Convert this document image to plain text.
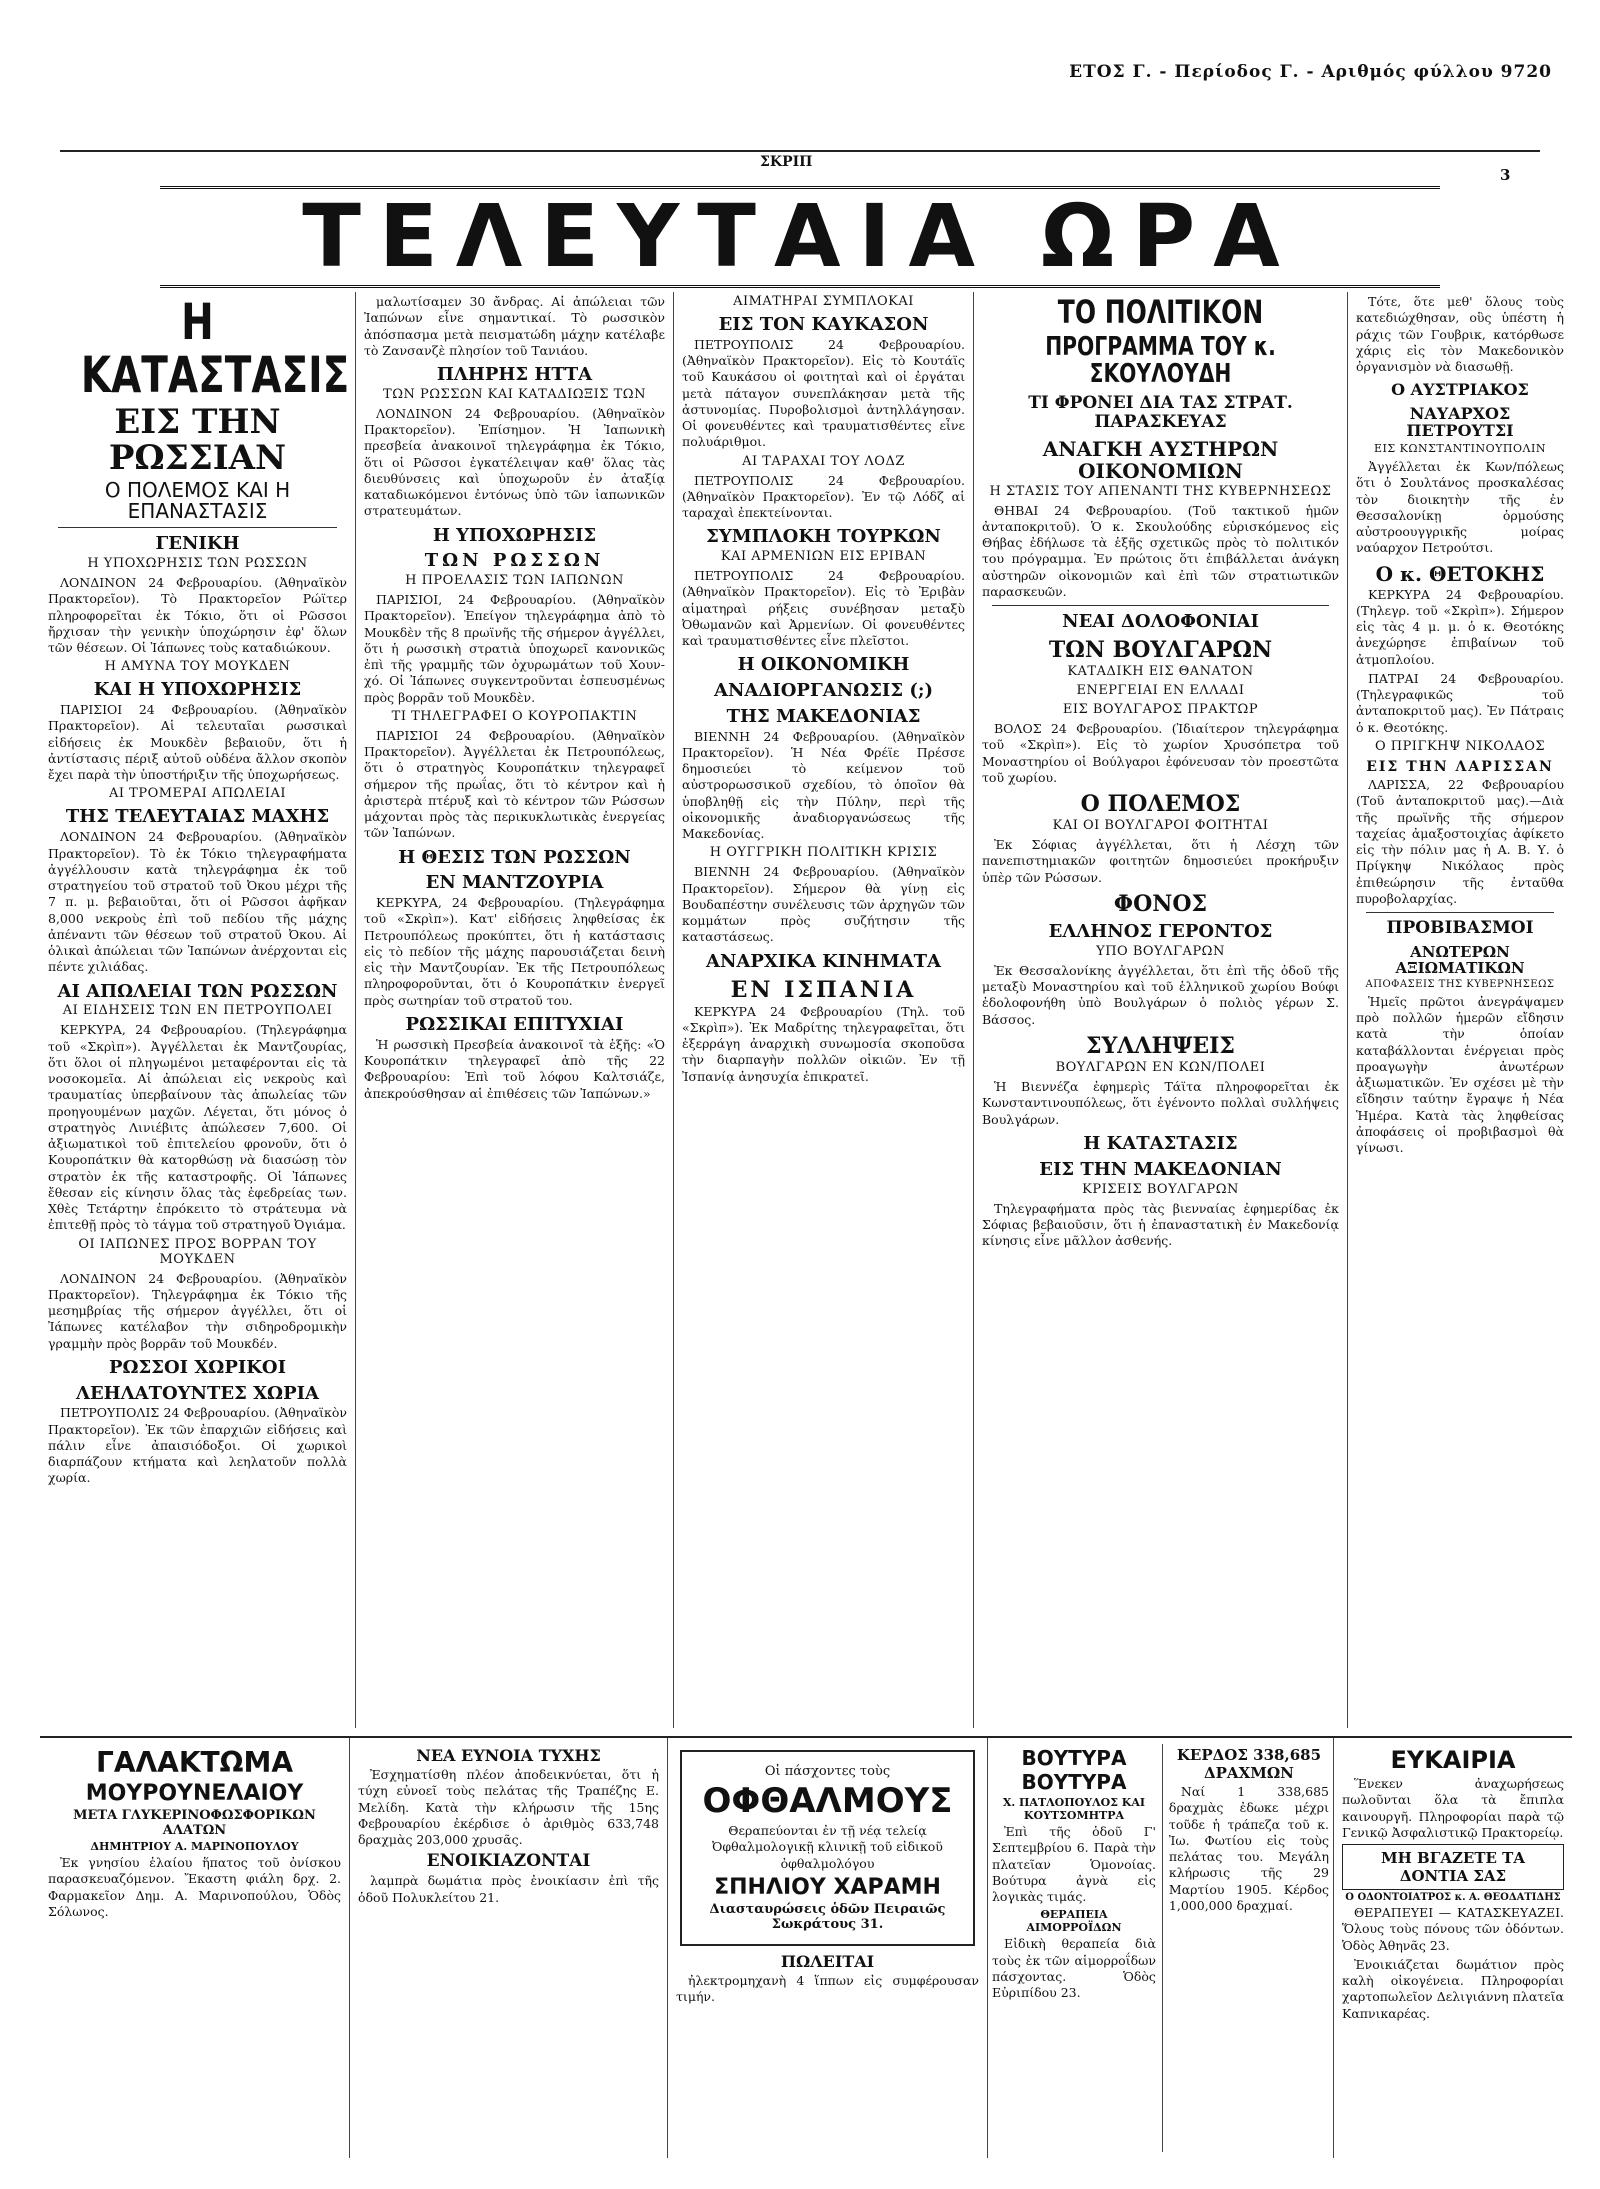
ΕΤΟΣ Γ. - Περίοδος Γ. - Αριθμός φύλλου 9720
ΣΚΡΙΠ
3
ΤΕΛΕΥΤΑΙΑ ΩΡΑ
Η ΚΑΤΑΣΤΑΣΙΣ
ΕΙΣ ΤΗΝ ΡΩΣΣΙΑΝ
Ο ΠΟΛΕΜΟΣ ΚΑΙ Η ΕΠΑΝΑΣΤΑΣΙΣ
ΓΕΝΙΚΗ
Η ΥΠΟΧΩΡΗΣΙΣ ΤΩΝ ΡΩΣΣΩΝ

ΛΟΝΔΙΝΟΝ 24 Φεβρουαρίου. (Ἀθηναϊκὸν Πρακτορεῖον). Τὸ Πρακτορεῖον Ρώϊτερ πληροφορεῖται ἐκ Τόκιο, ὅτι οἱ Ρῶσσοι ἤρχισαν τὴν γενικὴν ὑποχώρησιν ἐφ' ὅλων τῶν θέσεων. Οἱ Ἰάπωνες τοὺς καταδιώκουν.

Η ΑΜΥΝΑ ΤΟΥ ΜΟΥΚΔΕΝ
ΚΑΙ Η ΥΠΟΧΩΡΗΣΙΣ

ΠΑΡΙΣΙΟΙ 24 Φεβρουαρίου. (Ἀθηναϊκὸν Πρακτορεῖον). Αἱ τελευταῖαι ρωσσικαὶ εἰδήσεις ἐκ Μουκδὲν βεβαιοῦν, ὅτι ἡ ἀντίστασις πέριξ αὐτοῦ οὐδένα ἄλλον σκοπὸν ἔχει παρὰ τὴν ὑποστήριξιν τῆς ὑποχωρήσεως.

ΑΙ ΤΡΟΜΕΡΑΙ ΑΠΩΛΕΙΑΙ
ΤΗΣ ΤΕΛΕΥΤΑΙΑΣ ΜΑΧΗΣ

ΛΟΝΔΙΝΟΝ 24 Φεβρουαρίου. (Ἀθηναϊκὸν Πρακτορεῖον). Τὸ ἐκ Τόκιο τηλεγραφήματα ἀγγέλλουσιν κατὰ τηλεγράφημα ἐκ τοῦ στρατηγείου τοῦ στρατοῦ τοῦ Ὀκου μέχρι τῆς 7 π. μ. βεβαιοῦται, ὅτι οἱ Ρῶσσοι ἀφῆκαν 8,000 νεκροὺς ἐπὶ τοῦ πεδίου τῆς μάχης ἀπέναντι τῶν θέσεων τοῦ στρατοῦ Ὀκου. Αἱ ὁλικαὶ ἀπώλειαι τῶν Ἰαπώνων ἀνέρχονται εἰς πέντε χιλιάδας.

ΑΙ ΑΠΩΛΕΙΑΙ ΤΩΝ ΡΩΣΣΩΝ
ΑΙ ΕΙΔΗΣΕΙΣ ΤΩΝ ΕΝ ΠΕΤΡΟΥΠΟΛΕΙ

ΚΕΡΚΥΡΑ, 24 Φεβρουαρίου. (Τηλεγράφημα τοῦ «Σκρὶπ»). Ἀγγέλλεται ἐκ Μαντζουρίας, ὅτι ὅλοι οἱ πληγωμένοι μεταφέρονται εἰς τὰ νοσοκομεῖα. Αἱ ἀπώλειαι εἰς νεκροὺς καὶ τραυματίας ὑπερβαίνουν τὰς ἀπωλείας τῶν προηγουμένων μαχῶν. Λέγεται, ὅτι μόνος ὁ στρατηγὸς Λινιέβιτς ἀπώλεσεν 7,600. Οἱ ἀξιωματικοὶ τοῦ ἐπιτελείου φρονοῦν, ὅτι ὁ Κουροπάτκιν θὰ κατορθώσῃ νὰ διασώσῃ τὸν στρατὸν ἐκ τῆς καταστροφῆς. Οἱ Ἰάπωνες ἔθεσαν εἰς κίνησιν ὅλας τὰς ἐφεδρείας των. Χθὲς Τετάρτην ἐπρόκειτο τὸ στράτευμα νὰ ἐπιτεθῇ πρὸς τὸ τάγμα τοῦ στρατηγοῦ Ὀγιάμα.

ΟΙ ΙΑΠΩΝΕΣ ΠΡΟΣ ΒΟΡΡΑΝ ΤΟΥ ΜΟΥΚΔΕΝ

ΛΟΝΔΙΝΟΝ 24 Φεβρουαρίου. (Ἀθηναϊκὸν Πρακτορεῖον). Τηλεγράφημα ἐκ Τόκιο τῆς μεσημβρίας τῆς σήμερον ἀγγέλλει, ὅτι οἱ Ἰάπωνες κατέλαβον τὴν σιδηροδρομικὴν γραμμὴν πρὸς βορρᾶν τοῦ Μουκδέν.

ΡΩΣΣΟΙ ΧΩΡΙΚΟΙ
ΛΕΗΛΑΤΟΥΝΤΕΣ ΧΩΡΙΑ

ΠΕΤΡΟΥΠΟΛΙΣ 24 Φεβρουαρίου. (Ἀθηναϊκὸν Πρακτορεῖον). Ἐκ τῶν ἐπαρχιῶν εἰδήσεις καὶ πάλιν εἶνε ἀπαισιόδοξοι. Οἱ χωρικοὶ διαρπάζουν κτήματα καὶ λεηλατοῦν πολλὰ χωρία.

μαλωτίσαμεν 30 ἄνδρας. Αἱ ἀπώλειαι τῶν Ἰαπώνων εἶνε σημαντικαί. Τὸ ρωσσικὸν ἀπόσπασμα μετὰ πεισματώδη μάχην κατέλαβε τὸ Ζανσανζὲ πλησίον τοῦ Τανιάου.

ΠΛΗΡΗΣ ΗΤΤΑ
ΤΩΝ ΡΩΣΣΩΝ ΚΑΙ ΚΑΤΑΔΙΩΞΙΣ ΤΩΝ

ΛΟΝΔΙΝΟΝ 24 Φεβρουαρίου. (Ἀθηναϊκὸν Πρακτορεῖον). Ἐπίσημον. Ἡ Ἰαπωνικὴ πρεσβεία ἀνακοινοῖ τηλεγράφημα ἐκ Τόκιο, ὅτι οἱ Ρῶσσοι ἐγκατέλειψαν καθ' ὅλας τὰς διευθύνσεις καὶ ὑποχωροῦν ἐν ἀταξίᾳ καταδιωκόμενοι ἐντόνως ὑπὸ τῶν ἰαπωνικῶν στρατευμάτων.

Η ΥΠΟΧΩΡΗΣΙΣ
ΤΩΝ ΡΩΣΣΩΝ
Η ΠΡΟΕΛΑΣΙΣ ΤΩΝ ΙΑΠΩΝΩΝ

ΠΑΡΙΣΙΟΙ, 24 Φεβρουαρίου. (Ἀθηναϊκὸν Πρακτορεῖον). Ἐπείγον τηλεγράφημα ἀπὸ τὸ Μουκδὲν τῆς 8 πρωϊνῆς τῆς σήμερον ἀγγέλλει, ὅτι ἡ ρωσσικὴ στρατιὰ ὑποχωρεῖ κανονικῶς ἐπὶ τῆς γραμμῆς τῶν ὀχυρωμάτων τοῦ Χουν-χό. Οἱ Ἰάπωνες συγκεντροῦνται ἐσπευσμένως πρὸς βορρᾶν τοῦ Μουκδὲν.

ΤΙ ΤΗΛΕΓΡΑΦΕΙ Ο ΚΟΥΡΟΠΑΚΤΙΝ

ΠΑΡΙΣΙΟΙ 24 Φεβρουαρίου. (Ἀθηναϊκὸν Πρακτορεῖον). Ἀγγέλλεται ἐκ Πετρουπόλεως, ὅτι ὁ στρατηγὸς Κουροπάτκιν τηλεγραφεῖ σήμερον τῆς πρωΐας, ὅτι τὸ κέντρον καὶ ἡ ἀριστερὰ πτέρυξ καὶ τὸ κέντρον τῶν Ρώσσων μάχονται πρὸς τὰς περικυκλωτικὰς ἐνεργείας τῶν Ἰαπώνων.

Η ΘΕΣΙΣ ΤΩΝ ΡΩΣΣΩΝ
ΕΝ ΜΑΝΤΖΟΥΡΙΑ

ΚΕΡΚΥΡΑ, 24 Φεβρουαρίου. (Τηλεγράφημα τοῦ «Σκρὶπ»). Κατ' εἰδήσεις ληφθείσας ἐκ Πετρουπόλεως προκύπτει, ὅτι ἡ κατάστασις εἰς τὸ πεδίον τῆς μάχης παρουσιάζεται δεινὴ εἰς τὴν Μαντζουρίαν. Ἐκ τῆς Πετρουπόλεως πληροφοροῦνται, ὅτι ὁ Κουροπάτκιν ἐνεργεῖ πρὸς σωτηρίαν τοῦ στρατοῦ του.

ΡΩΣΣΙΚΑΙ ΕΠΙΤΥΧΙΑΙ

Ἡ ρωσσικὴ Πρεσβεία ἀνακοινοῖ τὰ ἑξῆς: «Ὁ Κουροπάτκιν τηλεγραφεῖ ἀπὸ τῆς 22 Φεβρουαρίου: Ἐπὶ τοῦ λόφου Καλτσιάζε, ἀπεκρούσθησαν αἱ ἐπιθέσεις τῶν Ἰαπώνων.»

ΑΙΜΑΤΗΡΑΙ ΣΥΜΠΛΟΚΑΙ
ΕΙΣ ΤΟΝ ΚΑΥΚΑΣΟΝ

ΠΕΤΡΟΥΠΟΛΙΣ 24 Φεβρουαρίου. (Ἀθηναϊκὸν Πρακτορεῖον). Εἰς τὸ Κουτάϊς τοῦ Καυκάσου οἱ φοιτηταὶ καὶ οἱ ἐργάται μετὰ πάταγον συνεπλάκησαν μετὰ τῆς ἀστυνομίας. Πυροβολισμοὶ ἀντηλλάγησαν. Οἱ φονευθέντες καὶ τραυματισθέντες εἶνε πολυάριθμοι.

ΑΙ ΤΑΡΑΧΑΙ ΤΟΥ ΛΟΔΖ

ΠΕΤΡΟΥΠΟΛΙΣ 24 Φεβρουαρίου. (Ἀθηναϊκὸν Πρακτορεῖον). Ἐν τῷ Λόδζ αἱ ταραχαὶ ἐπεκτείνονται.

ΣΥΜΠΛΟΚΗ ΤΟΥΡΚΩΝ
ΚΑΙ ΑΡΜΕΝΙΩΝ ΕΙΣ ΕΡΙΒΑΝ

ΠΕΤΡΟΥΠΟΛΙΣ 24 Φεβρουαρίου. (Ἀθηναϊκὸν Πρακτορεῖον). Εἰς τὸ Ἐριβὰν αἱματηραὶ ρήξεις συνέβησαν μεταξὺ Ὀθωμανῶν καὶ Ἀρμενίων. Οἱ φονευθέντες καὶ τραυματισθέντες εἶνε πλεῖστοι.

Η ΟΙΚΟΝΟΜΙΚΗ
ΑΝΑΔΙΟΡΓΑΝΩΣΙΣ (;)
ΤΗΣ ΜΑΚΕΔΟΝΙΑΣ

ΒΙΕΝΝΗ 24 Φεβρουαρίου. (Ἀθηναϊκὸν Πρακτορεῖον). Ἡ Νέα Φρέϊε Πρέσσε δημοσιεύει τὸ κείμενον τοῦ αὐστρορωσσικοῦ σχεδίου, τὸ ὁποῖον θὰ ὑποβληθῇ εἰς τὴν Πύλην, περὶ τῆς οἰκονομικῆς ἀναδιοργανώσεως τῆς Μακεδονίας.

Η ΟΥΓΓΡΙΚΗ ΠΟΛΙΤΙΚΗ ΚΡΙΣΙΣ

ΒΙΕΝΝΗ 24 Φεβρουαρίου. (Ἀθηναϊκὸν Πρακτορεῖον). Σήμερον θὰ γίνῃ εἰς Βουδαπέστην συνέλευσις τῶν ἀρχηγῶν τῶν κομμάτων πρὸς συζήτησιν τῆς καταστάσεως.

ΑΝΑΡΧΙΚΑ ΚΙΝΗΜΑΤΑ
ΕΝ ΙΣΠΑΝΙΑ

ΚΕΡΚΥΡΑ 24 Φεβρουαρίου (Τηλ. τοῦ «Σκρὶπ»). Ἐκ Μαδρίτης τηλεγραφεῖται, ὅτι ἐξερράγη ἀναρχικὴ συνωμοσία σκοποῦσα τὴν διαρπαγὴν πολλῶν οἰκιῶν. Ἐν τῇ Ἰσπανίᾳ ἀνησυχία ἐπικρατεῖ.

ΤΟ ΠΟΛΙΤΙΚΟΝ
ΠΡΟΓΡΑΜΜΑ ΤΟΥ κ. ΣΚΟΥΛΟΥΔΗ
ΤΙ ΦΡΟΝΕΙ ΔΙΑ ΤΑΣ ΣΤΡΑΤ. ΠΑΡΑΣΚΕΥΑΣ
ΑΝΑΓΚΗ ΑΥΣΤΗΡΩΝ ΟΙΚΟΝΟΜΙΩΝ
Η ΣΤΑΣΙΣ ΤΟΥ ΑΠΕΝΑΝΤΙ ΤΗΣ ΚΥΒΕΡΝΗΣΕΩΣ

ΘΗΒΑΙ 24 Φεβρουαρίου. (Τοῦ τακτικοῦ ἡμῶν ἀνταποκριτοῦ). Ὁ κ. Σκουλούδης εὑρισκόμενος εἰς Θήβας ἐδήλωσε τὰ ἑξῆς σχετικῶς πρὸς τὸ πολιτικόν του πρόγραμμα. Ἐν πρώτοις ὅτι ἐπιβάλλεται ἀνάγκη αὐστηρῶν οἰκονομιῶν καὶ ἐπὶ τῶν στρατιωτικῶν παρασκευῶν.

ΝΕΑΙ ΔΟΛΟΦΟΝΙΑΙ
ΤΩΝ ΒΟΥΛΓΑΡΩΝ
ΚΑΤΑΔΙΚΗ ΕΙΣ ΘΑΝΑΤΟΝ
ΕΝΕΡΓΕΙΑΙ ΕΝ ΕΛΛΑΔΙ
ΕΙΣ ΒΟΥΛΓΑΡΟΣ ΠΡΑΚΤΩΡ

ΒΟΛΟΣ 24 Φεβρουαρίου. (Ἰδιαίτερον τηλεγράφημα τοῦ «Σκρὶπ»). Εἰς τὸ χωρίον Χρυσόπετρα τοῦ Μοναστηρίου οἱ Βούλγαροι ἐφόνευσαν τὸν προεστῶτα τοῦ χωρίου.

Ο ΠΟΛΕΜΟΣ
ΚΑΙ ΟΙ ΒΟΥΛΓΑΡΟΙ ΦΟΙΤΗΤΑΙ

Ἐκ Σόφιας ἀγγέλλεται, ὅτι ἡ Λέσχη τῶν πανεπιστημιακῶν φοιτητῶν δημοσιεύει προκήρυξιν ὑπὲρ τῶν Ρώσσων.

ΦΟΝΟΣ
ΕΛΛΗΝΟΣ ΓΕΡΟΝΤΟΣ
ΥΠΟ ΒΟΥΛΓΑΡΩΝ

Ἐκ Θεσσαλονίκης ἀγγέλλεται, ὅτι ἐπὶ τῆς ὁδοῦ τῆς μεταξὺ Μοναστηρίου καὶ τοῦ ἑλληνικοῦ χωρίου Βούφι ἐδολοφονήθη ὑπὸ Βουλγάρων ὁ πολιὸς γέρων Σ. Βάσσος.

ΣΥΛΛΗΨΕΙΣ
ΒΟΥΛΓΑΡΩΝ ΕΝ ΚΩΝ/ΠΟΛΕΙ

Ἡ Βιεννέζα ἐφημερὶς Τάϊτα πληροφορεῖται ἐκ Κωνσταντινουπόλεως, ὅτι ἐγένοντο πολλαὶ συλλήψεις Βουλγάρων.

Η ΚΑΤΑΣΤΑΣΙΣ
ΕΙΣ ΤΗΝ ΜΑΚΕΔΟΝΙΑΝ
ΚΡΙΣΕΙΣ ΒΟΥΛΓΑΡΩΝ

Τηλεγραφήματα πρὸς τὰς βιενναίας ἐφημερίδας ἐκ Σόφιας βεβαιοῦσιν, ὅτι ἡ ἐπαναστατικὴ ἐν Μακεδονίᾳ κίνησις εἶνε μᾶλλον ἀσθενής.

Τότε, ὅτε μεθ' ὅλους τοὺς κατεδιώχθησαν, οὓς ὑπέστη ἡ ράχις τῶν Γουβρικ, κατόρθωσε χάρις εἰς τὸν Μακεδονικὸν ὀργανισμὸν νὰ διασωθῇ.

Ο ΑΥΣΤΡΙΑΚΟΣ
ΝΑΥΑΡΧΟΣ ΠΕΤΡΟΥΤΣΙ
ΕΙΣ ΚΩΝΣΤΑΝΤΙΝΟΥΠΟΛΙΝ

Ἀγγέλλεται ἐκ Κων/πόλεως ὅτι ὁ Σουλτάνος προσκαλέσας τὸν διοικητὴν τῆς ἐν Θεσσαλονίκῃ ὁρμούσης αὐστροουγγρικῆς μοίρας ναύαρχον Πετρούτσι.

Ο κ. ΘΕΤΟΚΗΣ

ΚΕΡΚΥΡΑ 24 Φεβρουαρίου. (Τηλεγρ. τοῦ «Σκρὶπ»). Σήμερον εἰς τὰς 4 μ. μ. ὁ κ. Θεοτόκης ἀνεχώρησε ἐπιβαίνων τοῦ ἀτμοπλοίου.

ΠΑΤΡΑΙ 24 Φεβρουαρίου. (Τηλεγραφικῶς τοῦ ἀνταποκριτοῦ μας). Ἐν Πάτραις ὁ κ. Θεοτόκης.

Ο ΠΡΙΓΚΗΨ ΝΙΚΟΛΑΟΣ
ΕΙΣ ΤΗΝ ΛΑΡΙΣΣΑΝ

ΛΑΡΙΣΣΑ, 22 Φεβρουαρίου (Τοῦ ἀνταποκριτοῦ μας).—Διὰ τῆς πρωϊνῆς τῆς σήμερον ταχείας ἀμαξοστοιχίας ἀφίκετο εἰς τὴν πόλιν μας ἡ Α. Β. Υ. ὁ Πρίγκηψ Νικόλαος πρὸς ἐπιθεώρησιν τῆς ἐνταῦθα πυροβολαρχίας.

ΠΡΟΒΙΒΑΣΜΟΙ
ΑΝΩΤΕΡΩΝ ΑΞΙΩΜΑΤΙΚΩΝ
ΑΠΟΦΑΣΕΙΣ ΤΗΣ ΚΥΒΕΡΝΗΣΕΩΣ

Ἡμεῖς πρῶτοι ἀνεγράψαμεν πρὸ πολλῶν ἡμερῶν εἴδησιν κατὰ τὴν ὁποίαν καταβάλλονται ἐνέργειαι πρὸς προαγωγὴν ἀνωτέρων ἀξιωματικῶν. Ἐν σχέσει μὲ τὴν εἴδησιν ταύτην ἔγραψε ἡ Νέα Ἡμέρα. Κατὰ τὰς ληφθείσας ἀποφάσεις οἱ προβιβασμοὶ θὰ γίνωσι.

ΓΑΛΑΚΤΩΜΑ
ΜΟΥΡΟΥΝΕΛΑΙΟΥ
ΜΕΤΑ ΓΛΥΚΕΡΙΝΟΦΩΣΦΟΡΙΚΩΝ ΑΛΑΤΩΝ
ΔΗΜΗΤΡΙΟΥ Α. ΜΑΡΙΝΟΠΟΥΛΟΥ

Ἐκ γνησίου ἐλαίου ἥπατος τοῦ ὀνίσκου παρασκευαζόμενον. Ἔκαστη φιάλη δρχ. 2. Φαρμακεῖον Δημ. Α. Μαρινοπούλου, Ὁδὸς Σόλωνος.

ΝΕΑ ΕΥΝΟΙΑ ΤΥΧΗΣ

Ἐσχηματίσθη πλέον ἀποδεικνύεται, ὅτι ἡ τύχη εὐνοεῖ τοὺς πελάτας τῆς Τραπέζης Ε. Μελίδη. Κατὰ τὴν κλήρωσιν τῆς 15ης Φεβρουαρίου ἐκέρδισε ὁ ἀριθμὸς 633,748 δραχμὰς 203,000 χρυσᾶς.

ΕΝΟΙΚΙΑΖΟΝΤΑΙ

λαμπρὰ δωμάτια πρὸς ἐνοικίασιν ἐπὶ τῆς ὁδοῦ Πολυκλείτου 21.

Οἱ πάσχοντες τοὺς
ΟΦΘΑΛΜΟΥΣ

Θεραπεύονται ἐν τῇ νέᾳ τελείᾳ Ὀφθαλμολογικῇ κλινικῇ τοῦ εἰδικοῦ ὀφθαλμολόγου

ΣΠΗΛΙΟΥ ΧΑΡΑΜΗ
Διασταυρώσεις ὁδῶν Πειραιῶς Σωκράτους 31.
ΠΩΛΕΙΤΑΙ

ἠλεκτρομηχανὴ 4 ἵππων εἰς συμφέρουσαν τιμήν.

ΒΟΥΤΥΡΑ ΒΟΥΤΥΡΑ
Χ. ΠΑΤΛΟΠΟΥΛΟΣ ΚΑΙ ΚΟΥΤΣΟΜΗΤΡΑ

Ἐπὶ τῆς ὁδοῦ Γ' Σεπτεμβρίου 6. Παρὰ τὴν πλατεῖαν Ὁμονοίας. Βούτυρα ἀγνὰ εἰς λογικὰς τιμάς.

ΘΕΡΑΠΕΙΑ ΑΙΜΟΡΡΟΪΔΩΝ

Εἰδικὴ θεραπεία διὰ τοὺς ἐκ τῶν αἱμορροΐδων πάσχοντας. Ὁδὸς Εὐριπίδου 23.

ΚΕΡΔΟΣ 338,685 ΔΡΑΧΜΩΝ

Ναί 1 338,685 δραχμὰς ἐδωκε μέχρι τοῦδε ἡ τράπεζα τοῦ κ. Ἰω. Φωτίου εἰς τοὺς πελάτας του. Μεγάλη κλήρωσις τῆς 29 Μαρτίου 1905. Κέρδος 1,000,000 δραχμαί.

ΕΥΚΑΙΡΙΑ

Ἕνεκεν ἀναχωρήσεως πωλοῦνται ὅλα τὰ ἔπιπλα καινουργῆ. Πληροφορίαι παρὰ τῷ Γενικῷ Ἀσφαλιστικῷ Πρακτορείῳ.

ΜΗ ΒΓΑΖΕΤΕ ΤΑ ΔΟΝΤΙΑ ΣΑΣ
Ο ΟΔΟΝΤΟΙΑΤΡΟΣ κ. Α. ΘΕΟΔΑΤΙΔΗΣ

ΘΕΡΑΠΕΥΕΙ — ΚΑΤΑΣΚΕΥΑΖΕΙ. Ὅλους τοὺς πόνους τῶν ὀδόντων. Ὁδὸς Ἀθηνᾶς 23.

Ἐνοικιάζεται δωμάτιον πρὸς καλὴ οἰκογένεια. Πληροφορίαι χαρτοπωλεῖον Δελιγιάννη πλατεῖα Καπνικαρέας.
